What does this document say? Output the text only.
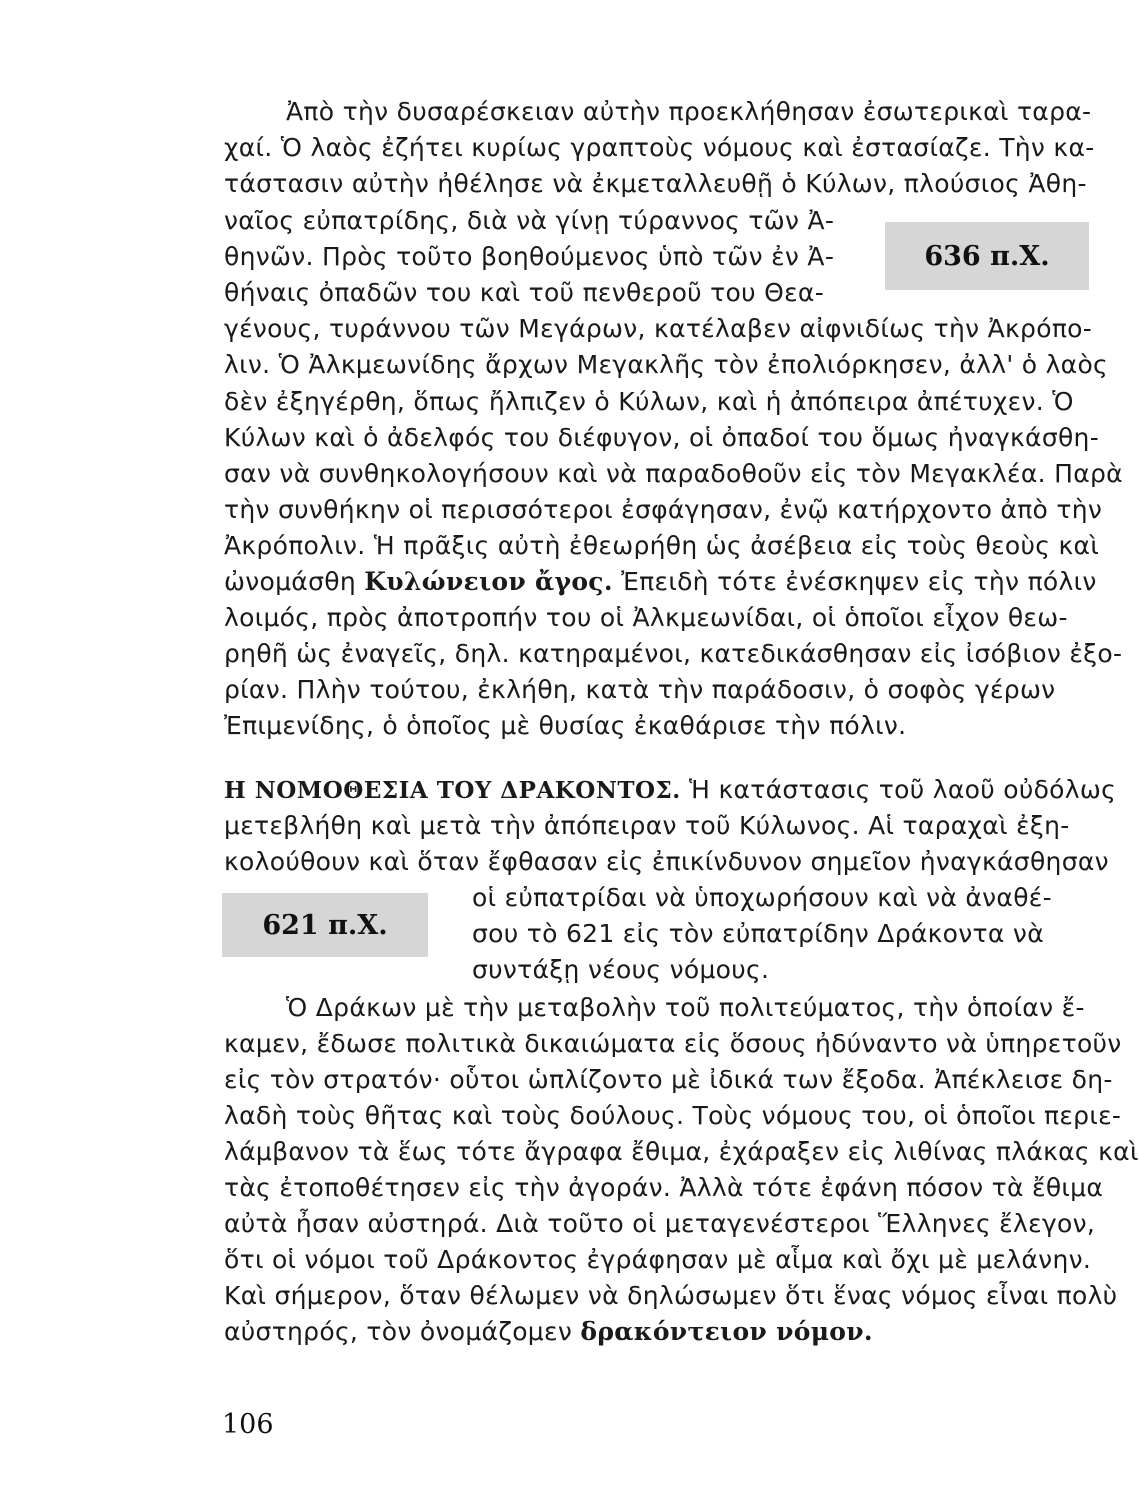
Ἀπὸ τὴν δυσαρέσκειαν αὐτὴν προεκλήθησαν ἐσωτερικαὶ ταρα-
χαί. Ὁ λαὸς ἐζήτει κυρίως γραπτοὺς νόμους καὶ ἐστασίαζε. Τὴν κα-
τάστασιν αὐτὴν ἠθέλησε νὰ ἐκμεταλλευθῇ ὁ Κύλων, πλούσιος Ἀθη-
ναῖος εὐπατρίδης, διὰ νὰ γίνῃ τύραννος τῶν Ἀ-
θηνῶν. Πρὸς τοῦτο βοηθούμενος ὑπὸ τῶν ἐν Ἀ-
θήναις ὀπαδῶν του καὶ τοῦ πενθεροῦ του Θεα-
γένους, τυράννου τῶν Μεγάρων, κατέλαβεν αἰφνιδίως τὴν Ἀκρόπο-
λιν. Ὁ Ἀλκμεωνίδης ἄρχων Μεγακλῆς τὸν ἐπολιόρκησεν, ἀλλ' ὁ λαὸς
δὲν ἐξηγέρθη, ὅπως ἤλπιζεν ὁ Κύλων, καὶ ἡ ἀπόπειρα ἀπέτυχεν. Ὁ
Κύλων καὶ ὁ ἀδελφός του διέφυγον, οἱ ὀπαδοί του ὅμως ἠναγκάσθη-
σαν νὰ συνθηκολογήσουν καὶ νὰ παραδοθοῦν εἰς τὸν Μεγακλέα. Παρὰ
τὴν συνθήκην οἱ περισσότεροι ἐσφάγησαν, ἐνῷ κατήρχοντο ἀπὸ τὴν
Ἀκρόπολιν. Ἡ πρᾶξις αὐτὴ ἐθεωρήθη ὡς ἀσέβεια εἰς τοὺς θεοὺς καὶ
ὠνομάσθη Κυλώνειον ἄγος. Ἐπειδὴ τότε ἐνέσκηψεν εἰς τὴν πόλιν
λοιμός, πρὸς ἀποτροπήν του οἱ Ἀλκμεωνίδαι, οἱ ὁποῖοι εἶχον θεω-
ρηθῆ ὡς ἐναγεῖς, δηλ. κατηραμένοι, κατεδικάσθησαν εἰς ἰσόβιον ἐξο-
ρίαν. Πλὴν τούτου, ἐκλήθη, κατὰ τὴν παράδοσιν, ὁ σοφὸς γέρων
Ἐπιμενίδης, ὁ ὁποῖος μὲ θυσίας ἐκαθάρισε τὴν πόλιν.
Η ΝΟΜΟΘΕΣΙΑ ΤΟΥ ΔΡΑΚΟΝΤΟΣ. Ἡ κατάστασις τοῦ λαοῦ οὐδόλως
μετεβλήθη καὶ μετὰ τὴν ἀπόπειραν τοῦ Κύλωνος. Αἱ ταραχαὶ ἐξη-
κολούθουν καὶ ὅταν ἔφθασαν εἰς ἐπικίνδυνον σημεῖον ἠναγκάσθησαν
οἱ εὐπατρίδαι νὰ ὑποχωρήσουν καὶ νὰ ἀναθέ-
σου τὸ 621 εἰς τὸν εὐπατρίδην Δράκοντα νὰ
συντάξῃ νέους νόμους.
Ὁ Δράκων μὲ τὴν μεταβολὴν τοῦ πολιτεύματος, τὴν ὁποίαν ἔ-
καμεν, ἔδωσε πολιτικὰ δικαιώματα εἰς ὅσους ἠδύναντο νὰ ὑπηρετοῦν
εἰς τὸν στρατόν· οὗτοι ὡπλίζοντο μὲ ἰδικά των ἔξοδα. Ἀπέκλεισε δη-
λαδὴ τοὺς θῆτας καὶ τοὺς δούλους. Τοὺς νόμους του, οἱ ὁποῖοι περιε-
λάμβανον τὰ ἕως τότε ἄγραφα ἔθιμα, ἐχάραξεν εἰς λιθίνας πλάκας καὶ
τὰς ἐτοποθέτησεν εἰς τὴν ἀγοράν. Ἀλλὰ τότε ἐφάνη πόσον τὰ ἔθιμα
αὐτὰ ἦσαν αὐστηρά. Διὰ τοῦτο οἱ μεταγενέστεροι Ἕλληνες ἔλεγον,
ὅτι οἱ νόμοι τοῦ Δράκοντος ἐγράφησαν μὲ αἷμα καὶ ὄχι μὲ μελάνην.
Καὶ σήμερον, ὅταν θέλωμεν νὰ δηλώσωμεν ὅτι ἕνας νόμος εἶναι πολὺ
αὐστηρός, τὸν ὀνομάζομεν δρακόντειον νόμον.
636 π.Χ.
621 π.Χ.
106
